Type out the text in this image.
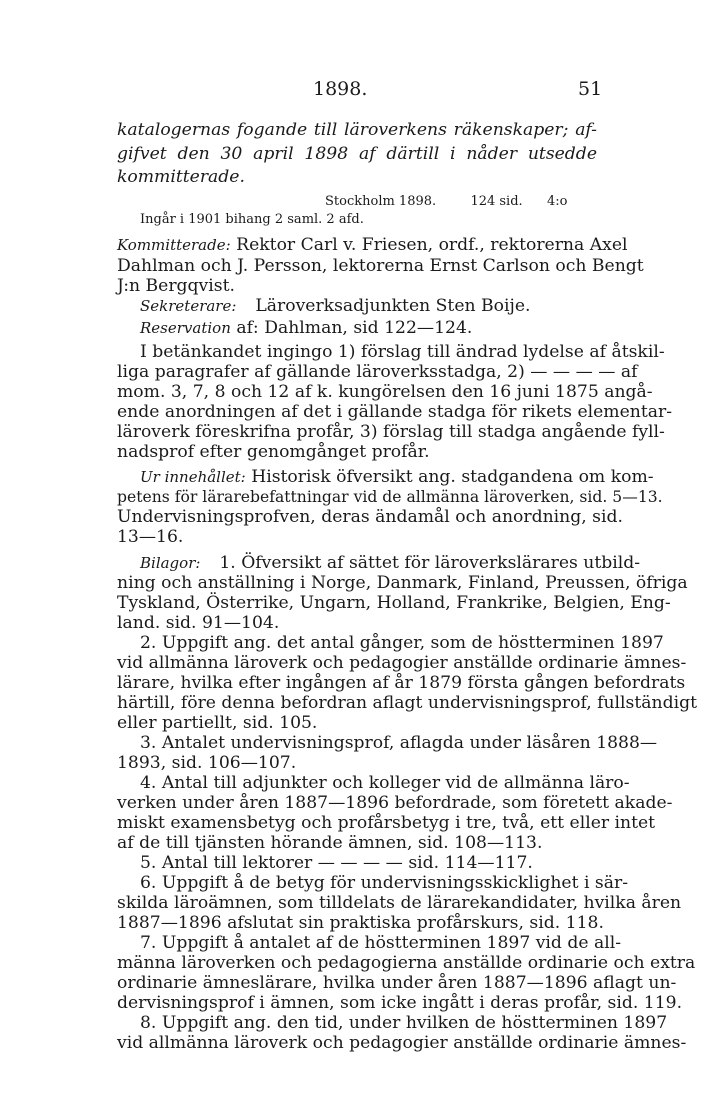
1898.	51
katalogernas fogande till läroverkens räkenskaper; af-
gifvet den 30 april 1898 af därtill i nåder utsedde
kommitterade.
Stockholm 1898.	124 sid. 4:o
Ingår i 1901 bihang 2 saml. 2 afd.
Kommitterade: Rektor Carl v. Friesen, ordf., rektorerna Axel
Dahlman och J. Persson, lektorerna Ernst Carlson och Bengt
J:n Bergqvist.
Sekreterare: Läroverksadjunkten Sten Boije.
Reservation af: Dahlman, sid 122—124.
I betänkandet ingingo 1) förslag till ändrad lydelse af åtskil-
liga paragrafer af gällande läroverksstadga, 2) — — — — af
mom. 3, 7, 8 och 12 af k. kungörelsen den 16 juni 1875 angå-
ende anordningen af det i gällande stadga för rikets elementar-
läroverk föreskrifna profår, 3) förslag till stadga angående fyll-
nadsprof efter genomgånget profår.
Ur innehållet: Historisk öfversikt ang. stadgandena om kom-
petens för lärarebefattningar vid de allmänna läroverken, sid. 5—13.
Undervisningsprofven, deras ändamål och anordning, sid.
13—16.
Bilagor: 1. Öfversikt af sättet för läroverkslärares utbild-
ning och anställning i Norge, Danmark, Finland, Preussen, öfriga
Tyskland, Österrike, Ungarn, Holland, Frankrike, Belgien, Eng-
land. sid. 91—104.
2. Uppgift ang. det antal gånger, som de höstterminen 1897
vid allmänna läroverk och pedagogier anställde ordinarie ämnes-
lärare, hvilka efter ingången af år 1879 första gången befordrats
härtill, före denna befordran aflagt undervisningsprof, fullständigt
eller partiellt, sid. 105.
3. Antalet undervisningsprof, aflagda under läsåren 1888—
1893, sid. 106—107.
4. Antal till adjunkter och kolleger vid de allmänna läro-
verken under åren 1887—1896 befordrade, som företett akade-
miskt examensbetyg och profårsbetyg i tre, två, ett eller intet
af de till tjänsten hörande ämnen, sid. 108—113.
5. Antal till lektorer — — — — sid. 114—117.
6. Uppgift å de betyg för undervisningsskicklighet i sär-
skilda läroämnen, som tilldelats de lärarekandidater, hvilka åren
1887—1896 afslutat sin praktiska profårskurs, sid. 118.
7. Uppgift å antalet af de höstterminen 1897 vid de all-
männa läroverken och pedagogierna anställde ordinarie och extra
ordinarie ämneslärare, hvilka under åren 1887—1896 aflagt un-
dervisningsprof i ämnen, som icke ingått i deras profår, sid. 119.
8. Uppgift ang. den tid, under hvilken de höstterminen 1897
vid allmänna läroverk och pedagogier anställde ordinarie ämnes-
